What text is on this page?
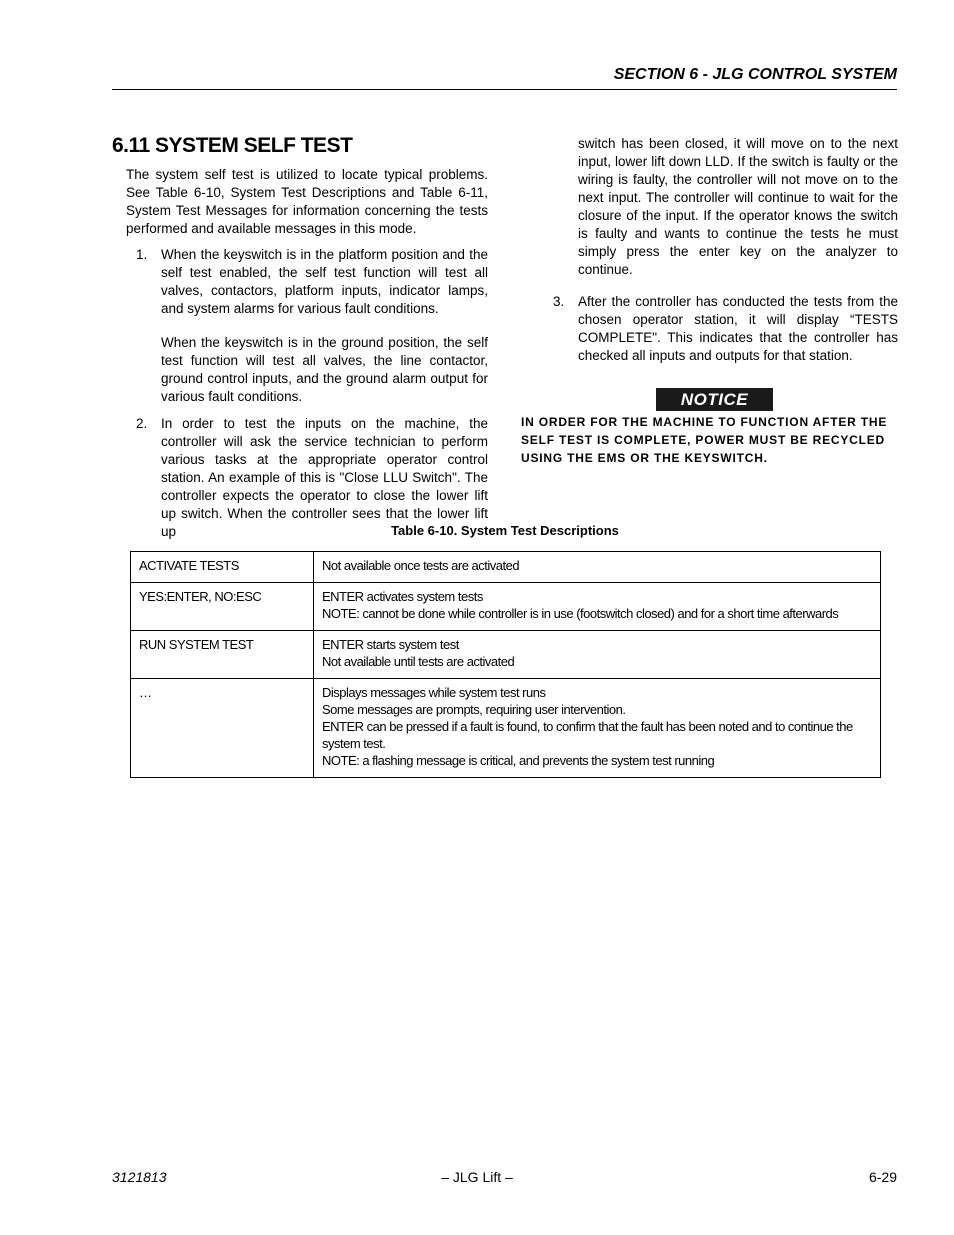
SECTION 6 - JLG CONTROL SYSTEM
6.11 SYSTEM SELF TEST

The system self test is utilized to locate typical problems. See Table 6-10, System Test Descriptions and Table 6-11, System Test Messages for information concerning the tests performed and available messages in this mode.

1. When the keyswitch is in the platform position and the self test enabled, the self test function will test all valves, contactors, platform inputs, indicator lamps, and system alarms for various fault conditions.

When the keyswitch is in the ground position, the self test function will test all valves, the line contactor, ground control inputs, and the ground alarm output for various fault conditions.

2. In order to test the inputs on the machine, the controller will ask the service technician to perform various tasks at the appropriate operator control station. An example of this is "Close LLU Switch". The controller expects the operator to close the lower lift up switch. When the controller sees that the lower lift up

switch has been closed, it will move on to the next input, lower lift down LLD. If the switch is faulty or the wiring is faulty, the controller will not move on to the next input. The controller will continue to wait for the closure of the input. If the operator knows the switch is faulty and wants to continue the tests he must simply press the enter key on the analyzer to continue.

3. After the controller has conducted the tests from the chosen operator station, it will display “TESTS COMPLETE". This indicates that the controller has checked all inputs and outputs for that station.

NOTICE
IN ORDER FOR THE MACHINE TO FUNCTION AFTER THE SELF TEST IS COMPLETE, POWER MUST BE RECYCLED USING THE EMS OR THE KEYSWITCH.
Table 6-10. System Test Descriptions
ACTIVATE TESTS	Not available once tests are activated

YES:ENTER, NO:ESC	ENTER activates system tests
NOTE: cannot be done while controller is in use (footswitch closed) and for a short time afterwards

RUN SYSTEM TEST	ENTER starts system test
Not available until tests are activated

…	Displays messages while system test runs
Some messages are prompts, requiring user intervention.
ENTER can be pressed if a fault is found, to confirm that the fault has been noted and to continue the system test.
NOTE: a flashing message is critical, and prevents the system test running
3121813	– JLG Lift –	6-29
